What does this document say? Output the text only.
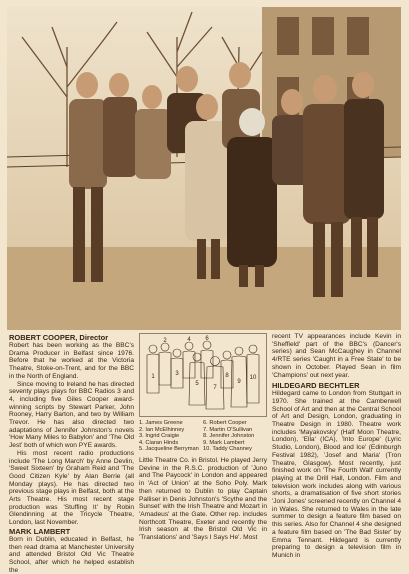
ROBERT COOPER, Director

Robert has been working as the BBC's Drama Producer in Belfast since 1976. Before that he worked at the Victoria Theatre, Stoke-on-Trent, and for the BBC in the North of England.

Since moving to Ireland he has directed seventy plays plays for BBC Radios 3 and 4, including five Giles Cooper award-winning scripts by Stewart Parker, John Rooney, Harry Barton, and two by William Trevor. He has also directed two adaptations of Jennifer Johnston's novels 'How Many Miles to Babylon' and 'The Old Jest' both of which won PYE awards.

His most recent radio productions include 'The Long March' by Anne Devlin, 'Sweet Sixteen' by Graham Reid and 'The Good Citizen Kyle' by Alan Berrie (all Monday plays). He has directed two previous stage plays in Belfast, both at the Arts Theatre. His most recent stage production was 'Stuffing It' by Robin Glendinning at the Tricycle Theatre, London, last November.

MARK LAMBERT

Born in Dublin, educated in Belfast, he then read drama at Manchester University and attended Bristol Old Vic Theatre School, after which he helped establish the

1
2
3
4
5
6
7
8
9
10
1. James Greene	6. Robert Cooper
2. Ian McElhinney	7. Martin O'Sullivan
3. Ingrid Craigie	8. Jennifer Johnston
4. Ciaran Hinds	9. Mark Lambert
5. Jacqueline Berryman 10. Taddy Channey

Little Theatre Co. in Bristol. He played Jerry Devine in the R.S.C. production of 'Juno and The Paycock' in London and appeared in 'Act of Union' at the Soho Poly. Mark then returned to Dublin to play Captain Palliser in Denis Johnston's 'Scythe and the Sunset' with the Irish Theatre and Mozart in 'Amadeus' at the Gate. Other rep. includes Northcott Theatre, Exeter and recently the Irish season at the Bristol Old Vic in 'Translations' and 'Says I Says He'. Most

recent TV appearances include Kevin in 'Sheffield' part of the BBC's (Dancer's series) and Sean McCaughey in Channel 4/RTE series 'Caught in a Free State' to be shown in October. Played Sean in film 'Champions' out next year.

HILDEGARD BECHTLER

Hildegard came to London from Stuttgart in 1970. She trained at the Camberwell School of Art and then at the Central School of Art and Design, London, graduating in Theatre Design in 1980. Theatre work includes 'Mayakovsky' (Half Moon Theatre, London), 'Ella' (ICA), 'Into Europe' (Lyric Studio, London), Blood and Ice' (Edinburgh Festival 1982), 'Josef and Maria' (Tron Theatre, Glasgow). Most recently, just finished work on 'The Fourth Wall' currently playing at the Drill Hall, London. Film and television work includes along with various shorts, a dramatisation of five short stories 'Joni Jones' screened recently on Channel 4 in Wales. She returned to Wales in the late summer to design a feature film based on this series. Also for Channel 4 she designed a feature film based on 'The Bad Sister' by Emma Tennant. Hildegard is currently preparing to design a television film in Munich in
